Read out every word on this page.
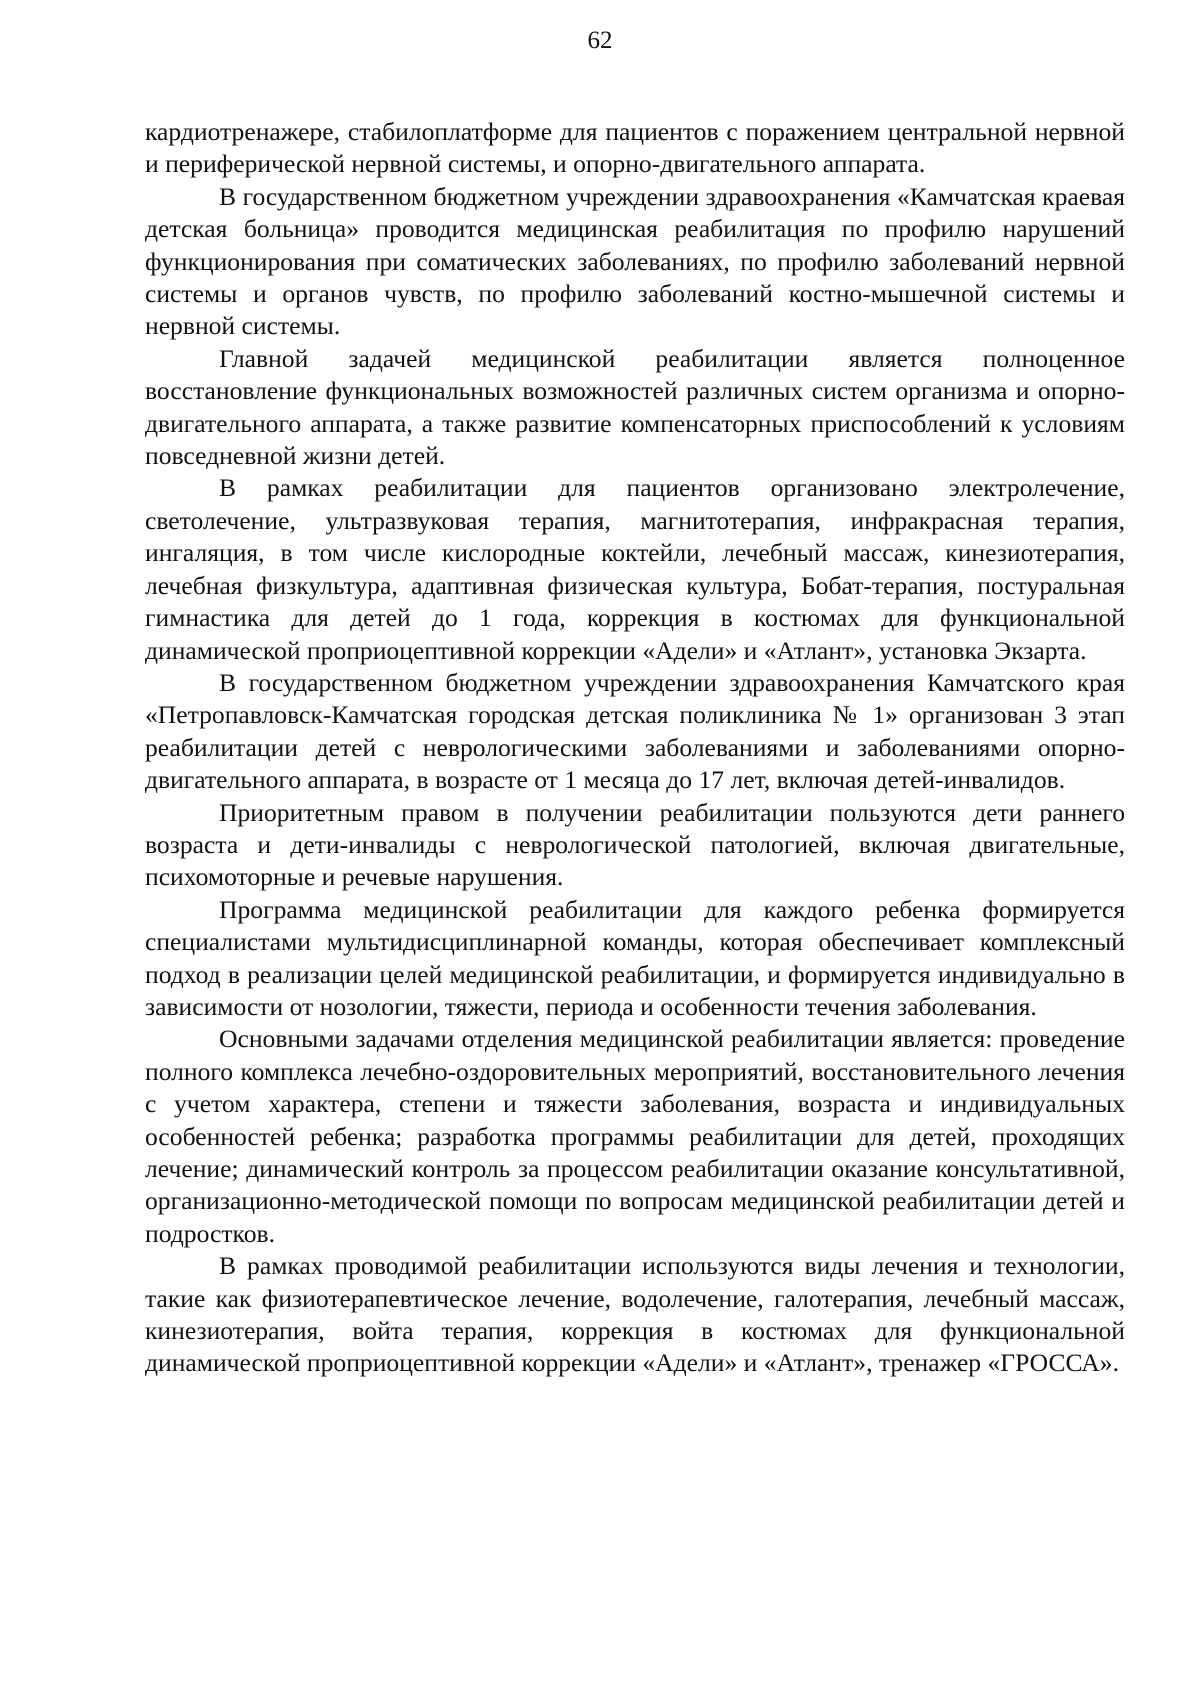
62

кардиотренажере, стабилоплатформе для пациентов с поражением центральной нервной и периферической нервной системы, и опорно-двигательного аппарата.

В государственном бюджетном учреждении здравоохранения «Камчатская краевая детская больница» проводится медицинская реабилитация по профилю нарушений функционирования при соматических заболеваниях, по профилю заболеваний нервной системы и органов чувств, по профилю заболеваний костно-мышечной системы и нервной системы.

Главной задачей медицинской реабилитации является полноценное восстановление функциональных возможностей различных систем организма и опорно-двигательного аппарата, а также развитие компенсаторных приспособлений к условиям повседневной жизни детей.

В рамках реабилитации для пациентов организовано электролечение, светолечение, ультразвуковая терапия, магнитотерапия, инфракрасная терапия, ингаляция, в том числе кислородные коктейли, лечебный массаж, кинезиотерапия, лечебная физкультура, адаптивная физическая культура, Бобат-терапия, постуральная гимнастика для детей до 1 года, коррекция в костюмах для функциональной динамической проприоцептивной коррекции «Адели» и «Атлант», установка Экзарта.

В государственном бюджетном учреждении здравоохранения Камчатского края «Петропавловск-Камчатская городская детская поликлиника № 1» организован 3 этап реабилитации детей с неврологическими заболеваниями и заболеваниями опорно-двигательного аппарата, в возрасте от 1 месяца до 17 лет, включая детей-инвалидов.

Приоритетным правом в получении реабилитации пользуются дети раннего возраста и дети-инвалиды с неврологической патологией, включая двигательные, психомоторные и речевые нарушения.

Программа медицинской реабилитации для каждого ребенка формируется специалистами мультидисциплинарной команды, которая обеспечивает комплексный подход в реализации целей медицинской реабилитации, и формируется индивидуально в зависимости от нозологии, тяжести, периода и особенности течения заболевания.

Основными задачами отделения медицинской реабилитации является: проведение полного комплекса лечебно-оздоровительных мероприятий, восстановительного лечения с учетом характера, степени и тяжести заболевания, возраста и индивидуальных особенностей ребенка; разработка программы реабилитации для детей, проходящих лечение; динамический контроль за процессом реабилитации оказание консультативной, организационно-методической помощи по вопросам медицинской реабилитации детей и подростков.

В рамках проводимой реабилитации используются виды лечения и технологии, такие как физиотерапевтическое лечение, водолечение, галотерапия, лечебный массаж, кинезиотерапия, войта терапия, коррекция в костюмах для функциональной динамической проприоцептивной коррекции «Адели» и «Атлант», тренажер «ГРОССА».
